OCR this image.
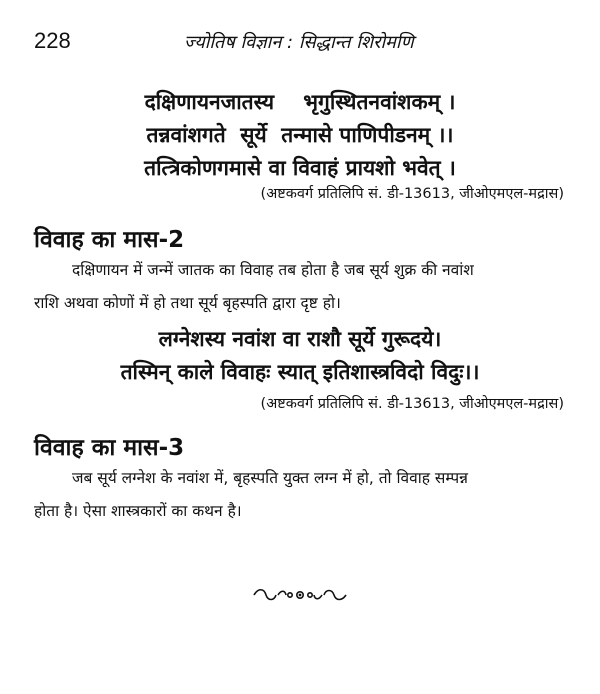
228	ज्योतिष विज्ञान : सिद्धान्त शिरोमणि
दक्षिणायनजातस्य    भृगुस्थितनवांशकम् ।
तन्नवांशगते  सूर्ये  तन्मासे पाणिपीडनम् ।।
तत्त्रिकोणगमासे वा विवाहं प्रायशो भवेत् ।
(अष्टकवर्ग प्रतिलिपि सं. डी-13613, जीओएमएल-मद्रास)
विवाह का मास-2
दक्षिणायन में जन्में जातक का विवाह तब होता है जब सूर्य शुक्र की नवांश
राशि अथवा कोणों में हो तथा सूर्य बृहस्पति द्वारा दृष्ट हो।
लग्नेशस्य नवांश वा राशौ सूर्ये गुरूदये।
तस्मिन् काले विवाहः स्यात् इतिशास्त्रविदो विदुः।।
(अष्टकवर्ग प्रतिलिपि सं. डी-13613, जीओएमएल-मद्रास)
विवाह का मास-3
जब सूर्य लग्नेश के नवांश में, बृहस्पति युक्त लग्न में हो, तो विवाह सम्पन्न
होता है। ऐसा शास्त्रकारों का कथन है।
